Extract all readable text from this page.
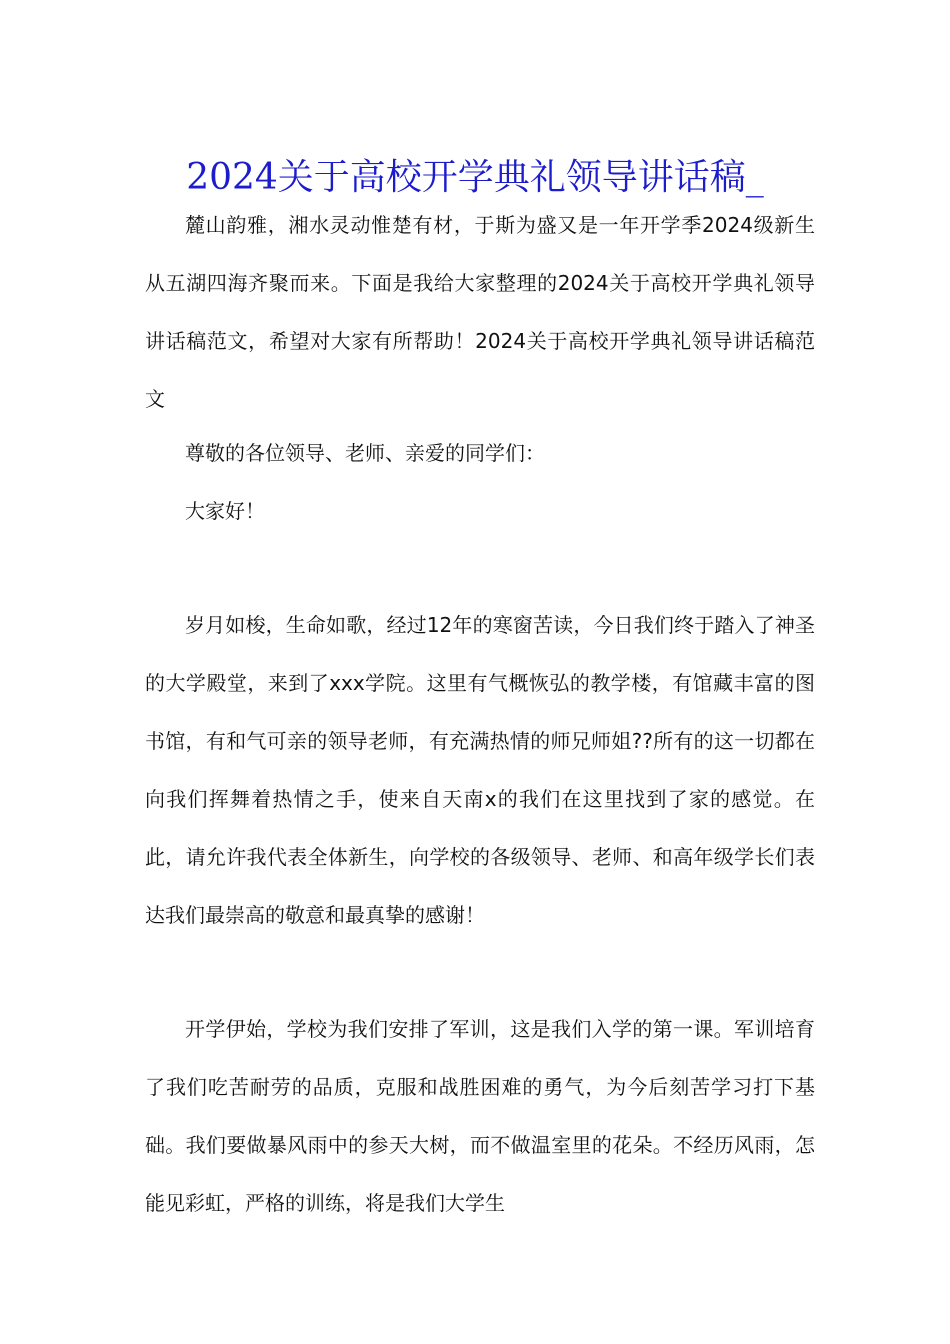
2024关于高校开学典礼领导讲话稿_

麓山韵雅，湘水灵动惟楚有材，于斯为盛又是一年开学季2024级新生从五湖四海齐聚而来。下面是我给大家整理的2024关于高校开学典礼领导讲话稿范文，希望对大家有所帮助！2024关于高校开学典礼领导讲话稿范文

尊敬的各位领导、老师、亲爱的同学们：

大家好！

岁月如梭，生命如歌，经过12年的寒窗苦读，今日我们终于踏入了神圣的大学殿堂，来到了xxx学院。这里有气概恢弘的教学楼，有馆藏丰富的图书馆，有和气可亲的领导老师，有充满热情的师兄师姐??所有的这一切都在向我们挥舞着热情之手，使来自天南x的我们在这里找到了家的感觉。在此，请允许我代表全体新生，向学校的各级领导、老师、和高年级学长们表达我们最崇高的敬意和最真挚的感谢！

开学伊始，学校为我们安排了军训，这是我们入学的第一课。军训培育了我们吃苦耐劳的品质，克服和战胜困难的勇气，为今后刻苦学习打下基础。我们要做暴风雨中的参天大树，而不做温室里的花朵。不经历风雨，怎能见彩虹，严格的训练，将是我们大学生
